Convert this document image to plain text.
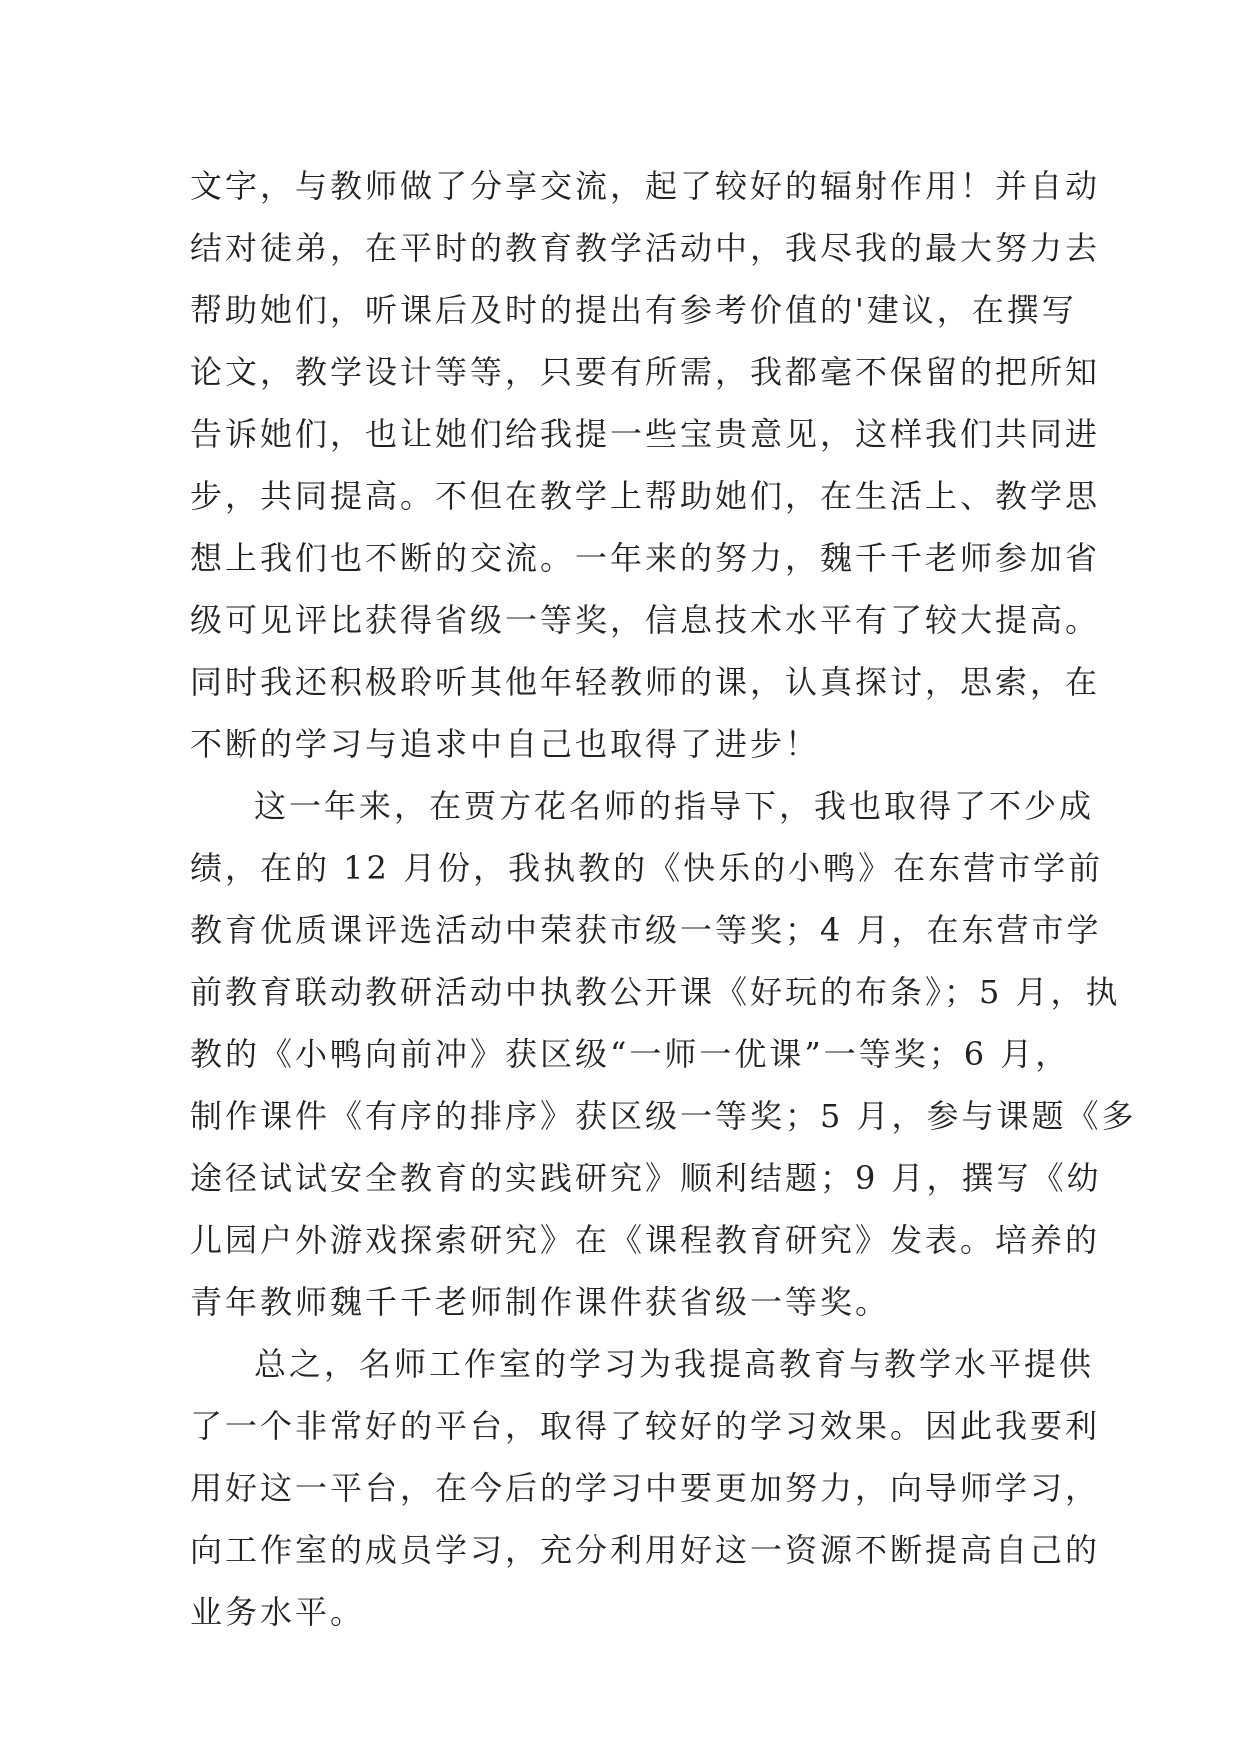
文字，与教师做了分享交流，起了较好的辐射作用！并自动
结对徒弟，在平时的教育教学活动中，我尽我的最大努力去
帮助她们，听课后及时的提出有参考价值的'建议，在撰写
论文，教学设计等等，只要有所需，我都毫不保留的把所知
告诉她们，也让她们给我提一些宝贵意见，这样我们共同进
步，共同提高。不但在教学上帮助她们，在生活上、教学思
想上我们也不断的交流。一年来的努力，魏千千老师参加省
级可见评比获得省级一等奖，信息技术水平有了较大提高。
同时我还积极聆听其他年轻教师的课，认真探讨，思索，在
不断的学习与追求中自己也取得了进步！
这一年来，在贾方花名师的指导下，我也取得了不少成
绩，在的 12 月份，我执教的《快乐的小鸭》在东营市学前
教育优质课评选活动中荣获市级一等奖；4 月，在东营市学
前教育联动教研活动中执教公开课《好玩的布条》；5 月，执
教的《小鸭向前冲》获区级“一师一优课”一等奖；6 月，
制作课件《有序的排序》获区级一等奖；5 月，参与课题《多
途径试试安全教育的实践研究》顺利结题；9 月，撰写《幼
儿园户外游戏探索研究》在《课程教育研究》发表。培养的
青年教师魏千千老师制作课件获省级一等奖。
总之，名师工作室的学习为我提高教育与教学水平提供
了一个非常好的平台，取得了较好的学习效果。因此我要利
用好这一平台，在今后的学习中要更加努力，向导师学习，
向工作室的成员学习，充分利用好这一资源不断提高自己的
业务水平。
